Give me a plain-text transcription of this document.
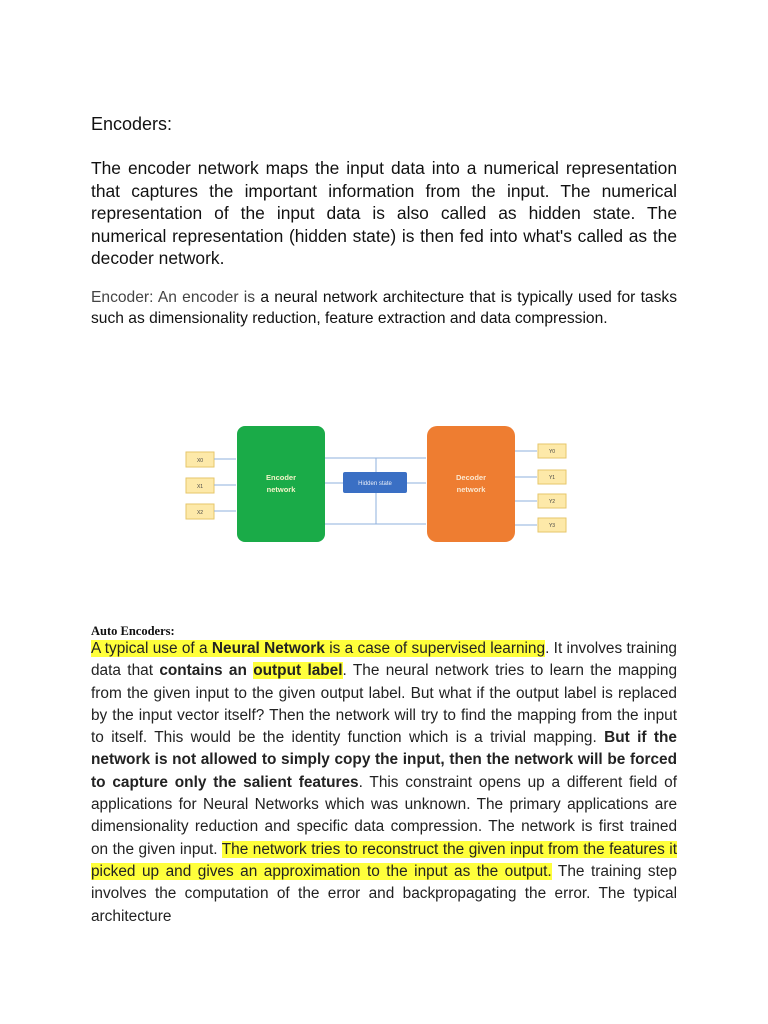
Encoders:
The encoder network maps the input data into a numerical representation that captures the important information from the input. The numerical representation of the input data is also called as hidden state. The numerical representation (hidden state) is then fed into what's called as the decoder network.
Encoder: An encoder is a neural network architecture that is typically used for tasks such as dimensionality reduction, feature extraction and data compression.
X0
X1
X2
Encoder
network
Hidden state
Decoder
network
Y0
Y1
Y2
Y3
Auto Encoders:
A typical use of a Neural Network is a case of supervised learning. It involves training data that contains an output label. The neural network tries to learn the mapping from the given input to the given output label. But what if the output label is replaced by the input vector itself? Then the network will try to find the mapping from the input to itself. This would be the identity function which is a trivial mapping. But if the network is not allowed to simply copy the input, then the network will be forced to capture only the salient features. This constraint opens up a different field of applications for Neural Networks which was unknown. The primary applications are dimensionality reduction and specific data compression. The network is first trained on the given input. The network tries to reconstruct the given input from the features it picked up and gives an approximation to the input as the output. The training step involves the computation of the error and backpropagating the error. The typical architecture
